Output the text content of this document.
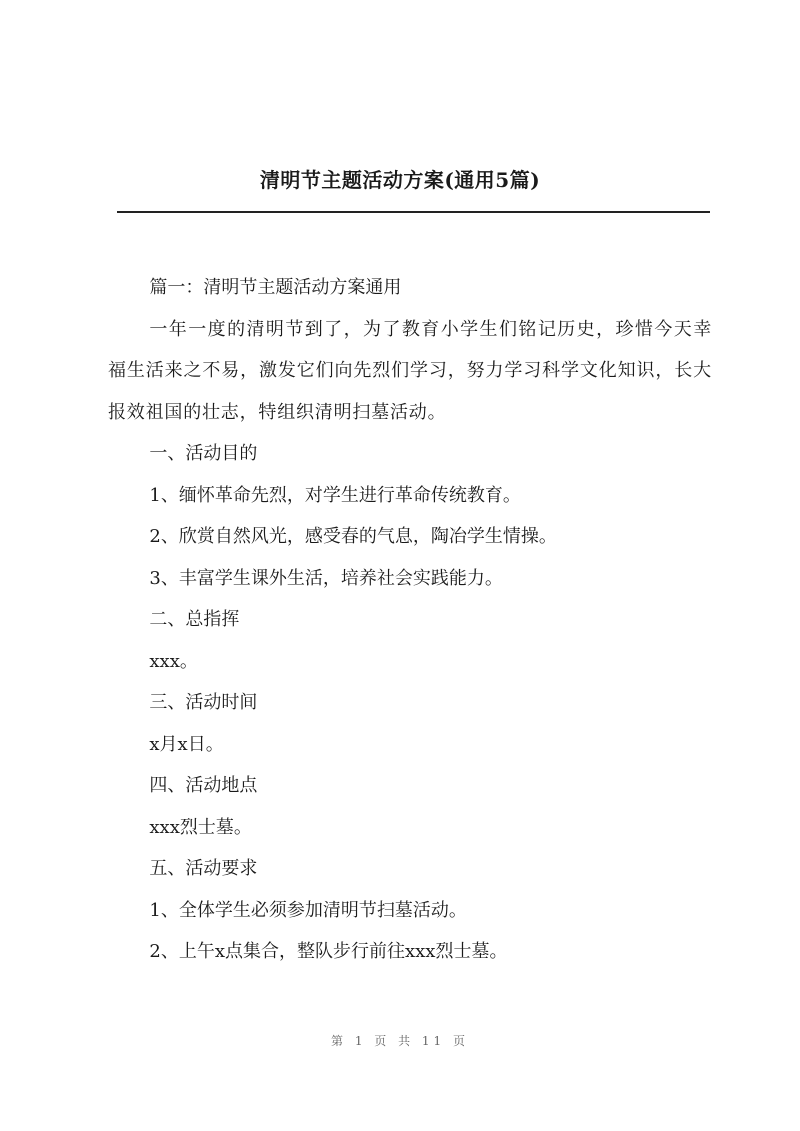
清明节主题活动方案(通用5篇)

篇一：清明节主题活动方案通用

一年一度的清明节到了，为了教育小学生们铭记历史，珍惜今天幸福生活来之不易，激发它们向先烈们学习，努力学习科学文化知识，长大报效祖国的壮志，特组织清明扫墓活动。

一、活动目的

1、缅怀革命先烈，对学生进行革命传统教育。

2、欣赏自然风光，感受春的气息，陶冶学生情操。

3、丰富学生课外生活，培养社会实践能力。

二、总指挥

xxx。

三、活动时间

x月x日。

四、活动地点

xxx烈士墓。

五、活动要求

1、全体学生必须参加清明节扫墓活动。

2、上午x点集合，整队步行前往xxx烈士墓。

第 1 页 共 11 页
